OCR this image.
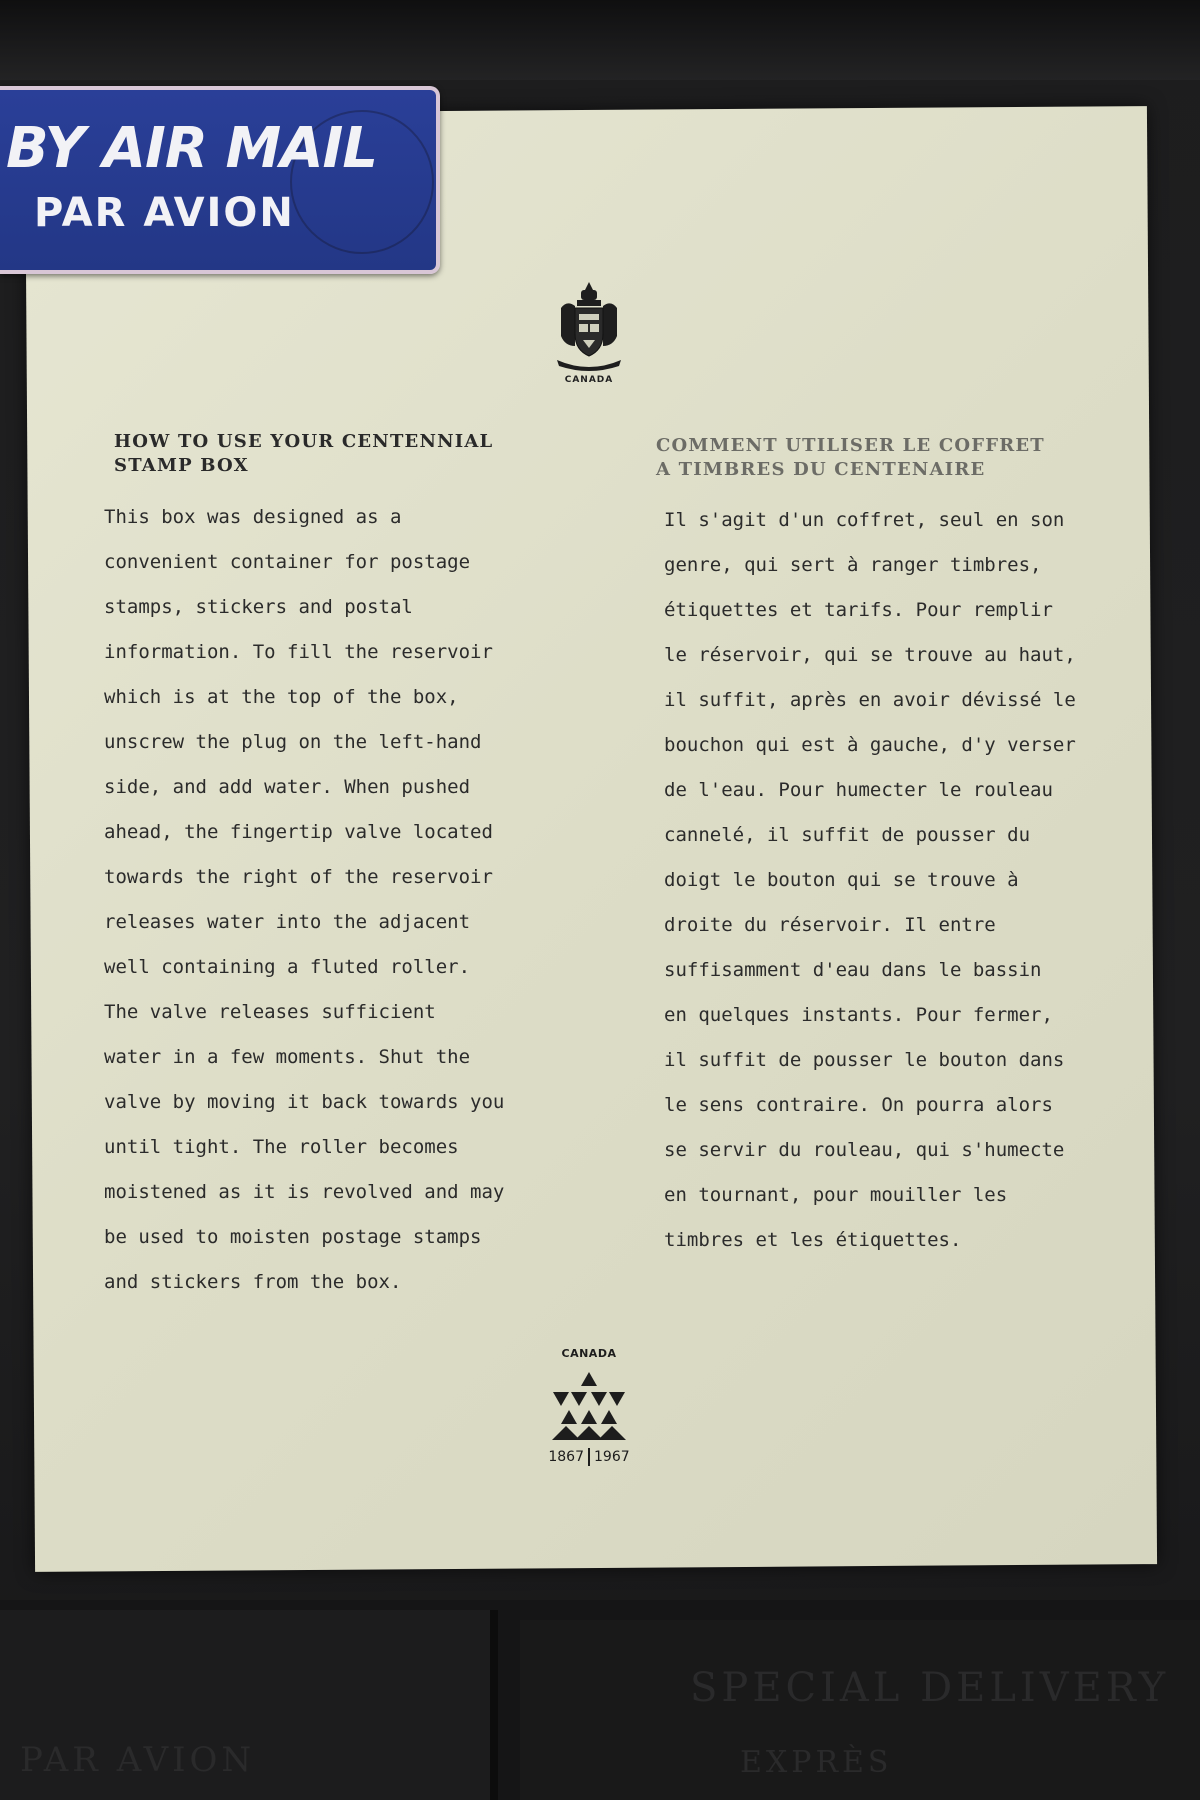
SPECIAL DELIVERY
PAR AVION	EXPRÈS
BY AIR MAIL
PAR AVION
CANADA
HOW TO USE YOUR CENTENNIAL
STAMP BOX
COMMENT UTILISER LE COFFRET
A TIMBRES DU CENTENAIRE
This box was designed as a
convenient container for postage
stamps, stickers and postal
information. To fill the reservoir
which is at the top of the box,
unscrew the plug on the left-hand
side, and add water. When pushed
ahead, the fingertip valve located
towards the right of the reservoir
releases water into the adjacent
well containing a fluted roller.
The valve releases sufficient
water in a few moments. Shut the
valve by moving it back towards you
until tight. The roller becomes
moistened as it is revolved and may
be used to moisten postage stamps
and stickers from the box.
Il s'agit d'un coffret, seul en son
genre, qui sert à ranger timbres,
étiquettes et tarifs. Pour remplir
le réservoir, qui se trouve au haut,
il suffit, après en avoir dévissé le
bouchon qui est à gauche, d'y verser
de l'eau. Pour humecter le rouleau
cannelé, il suffit de pousser du
doigt le bouton qui se trouve à
droite du réservoir. Il entre
suffisamment d'eau dans le bassin
en quelques instants. Pour fermer,
il suffit de pousser le bouton dans
le sens contraire. On pourra alors
se servir du rouleau, qui s'humecte
en tournant, pour mouiller les
timbres et les étiquettes.
CANADA
1867 1967
